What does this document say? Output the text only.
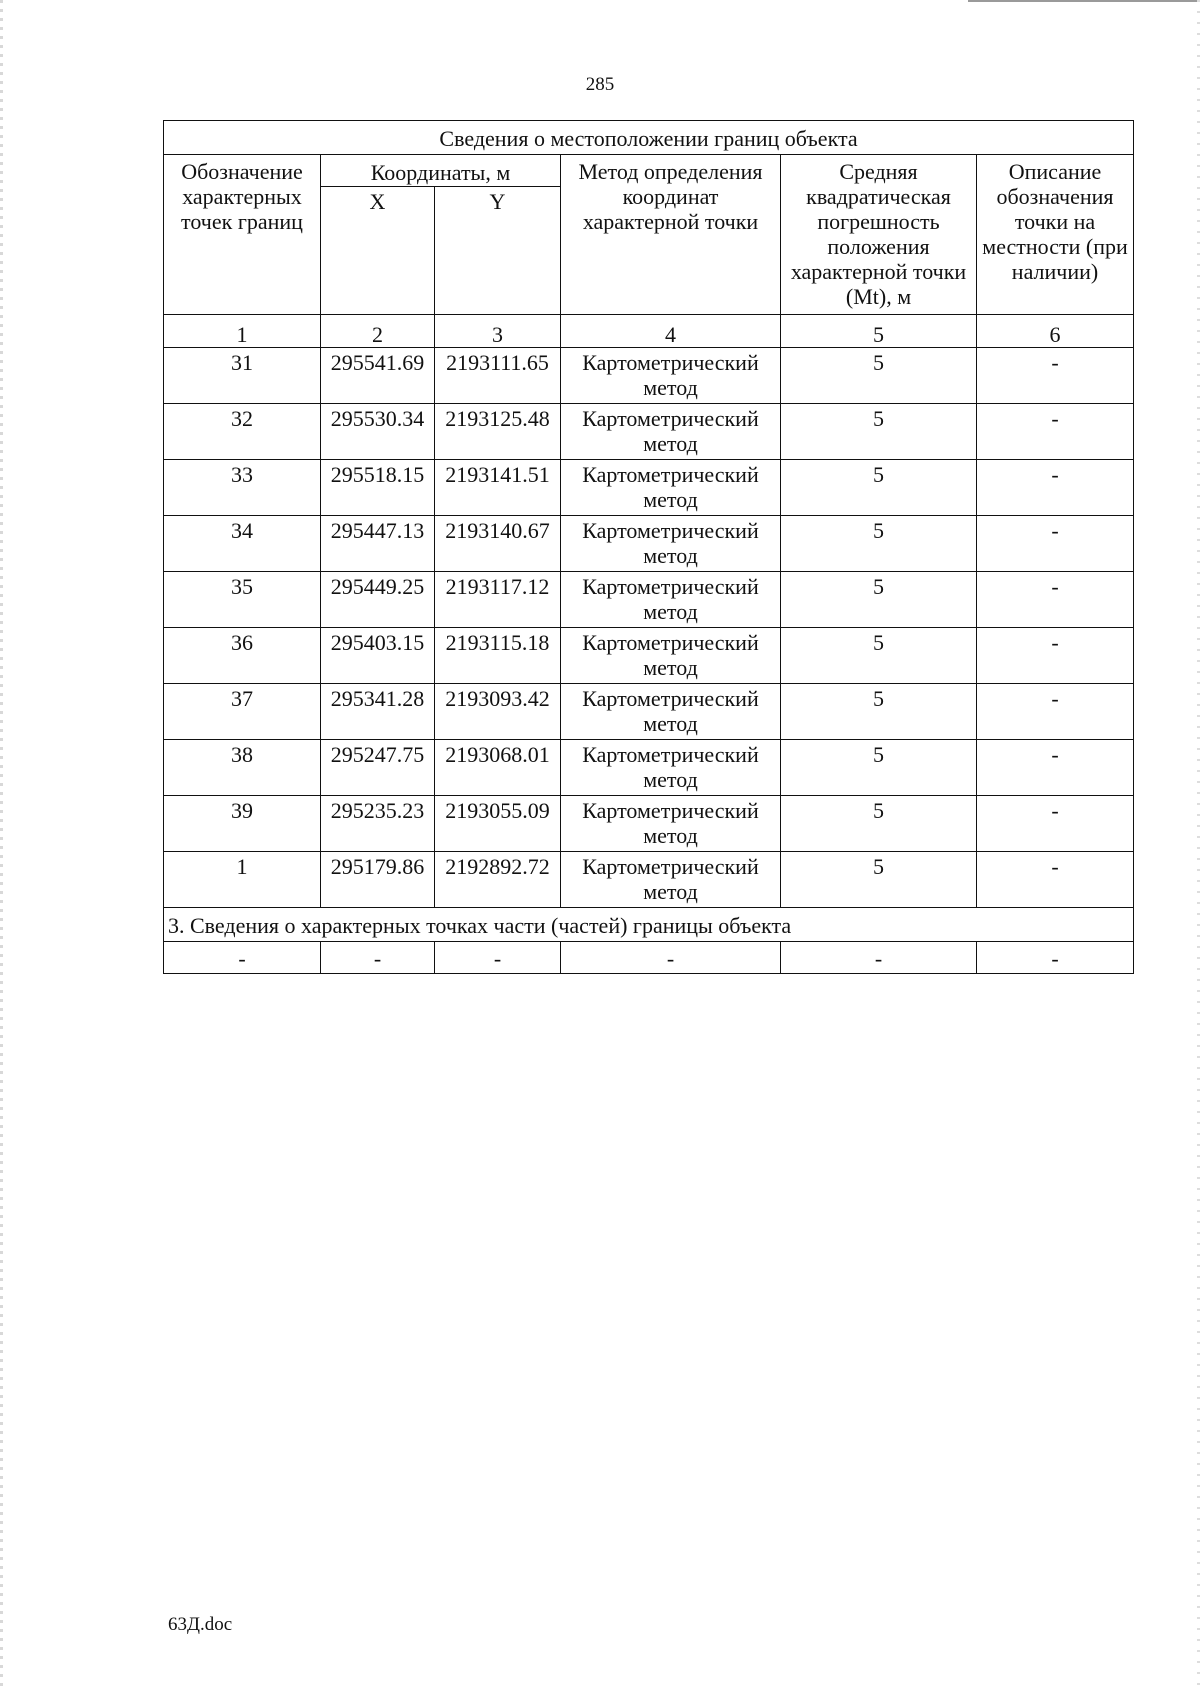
285
Сведения о местоположении границ объекта					
Обозначение характерных точек границ	Координаты, м		Метод определения координат характерной точки	Средняя квадратическая погрешность положения характерной точки (Mt), м	Описание обозначения точки на местности (при наличии)
	X	Y			
1	2	3	4	5	6
31	295541.69	2193111.65	Картометрический метод	5	-
32	295530.34	2193125.48	Картометрический метод	5	-
33	295518.15	2193141.51	Картометрический метод	5	-
34	295447.13	2193140.67	Картометрический метод	5	-
35	295449.25	2193117.12	Картометрический метод	5	-
36	295403.15	2193115.18	Картометрический метод	5	-
37	295341.28	2193093.42	Картометрический метод	5	-
38	295247.75	2193068.01	Картометрический метод	5	-
39	295235.23	2193055.09	Картометрический метод	5	-
1	295179.86	2192892.72	Картометрический метод	5	-
3. Сведения о характерных точках части (частей) границы объекта					
-	-	-	-	-	-
63Д.doc
